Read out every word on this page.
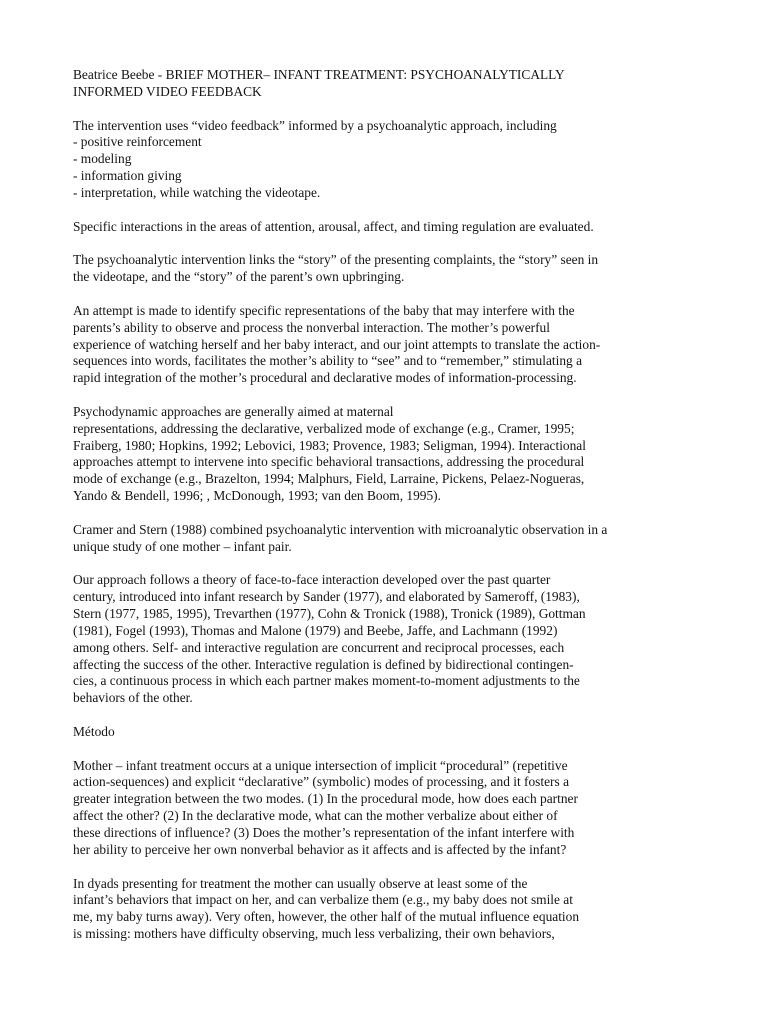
Beatrice Beebe - BRIEF MOTHER– INFANT TREATMENT: PSYCHOANALYTICALLY
INFORMED VIDEO FEEDBACK

The intervention uses “video feedback” informed by a psychoanalytic approach, including
- positive reinforcement
- modeling
- information giving
- interpretation, while watching the videotape.

Specific interactions in the areas of attention, arousal, affect, and timing regulation are evaluated.

The psychoanalytic intervention links the “story” of the presenting complaints, the “story” seen in
the videotape, and the “story” of the parent’s own upbringing.

An attempt is made to identify specific representations of the baby that may interfere with the
parents’s ability to observe and process the nonverbal interaction. The mother’s powerful
experience of watching herself and her baby interact, and our joint attempts to translate the action-
sequences into words, facilitates the mother’s ability to “see” and to “remember,” stimulating a
rapid integration of the mother’s procedural and declarative modes of information-processing.

Psychodynamic approaches are generally aimed at maternal
representations, addressing the declarative, verbalized mode of exchange (e.g., Cramer, 1995;
Fraiberg, 1980; Hopkins, 1992; Lebovici, 1983; Provence, 1983; Seligman, 1994). Interactional
approaches attempt to intervene into specific behavioral transactions, addressing the procedural
mode of exchange (e.g., Brazelton, 1994; Malphurs, Field, Larraine, Pickens, Pelaez-Nogueras,
Yando & Bendell, 1996; , McDonough, 1993; van den Boom, 1995).

Cramer and Stern (1988) combined psychoanalytic intervention with microanalytic observation in a
unique study of one mother – infant pair.

Our approach follows a theory of face-to-face interaction developed over the past quarter
century, introduced into infant research by Sander (1977), and elaborated by Sameroff, (1983),
Stern (1977, 1985, 1995), Trevarthen (1977), Cohn & Tronick (1988), Tronick (1989), Gottman
(1981), Fogel (1993), Thomas and Malone (1979) and Beebe, Jaffe, and Lachmann (1992)
among others. Self- and interactive regulation are concurrent and reciprocal processes, each
affecting the success of the other. Interactive regulation is defined by bidirectional contingen-
cies, a continuous process in which each partner makes moment-to-moment adjustments to the
behaviors of the other.

Método

Mother – infant treatment occurs at a unique intersection of implicit “procedural” (repetitive
action-sequences) and explicit “declarative” (symbolic) modes of processing, and it fosters a
greater integration between the two modes. (1) In the procedural mode, how does each partner
affect the other? (2) In the declarative mode, what can the mother verbalize about either of
these directions of influence? (3) Does the mother’s representation of the infant interfere with
her ability to perceive her own nonverbal behavior as it affects and is affected by the infant?

In dyads presenting for treatment the mother can usually observe at least some of the
infant’s behaviors that impact on her, and can verbalize them (e.g., my baby does not smile at
me, my baby turns away). Very often, however, the other half of the mutual influence equation
is missing: mothers have difficulty observing, much less verbalizing, their own behaviors,
